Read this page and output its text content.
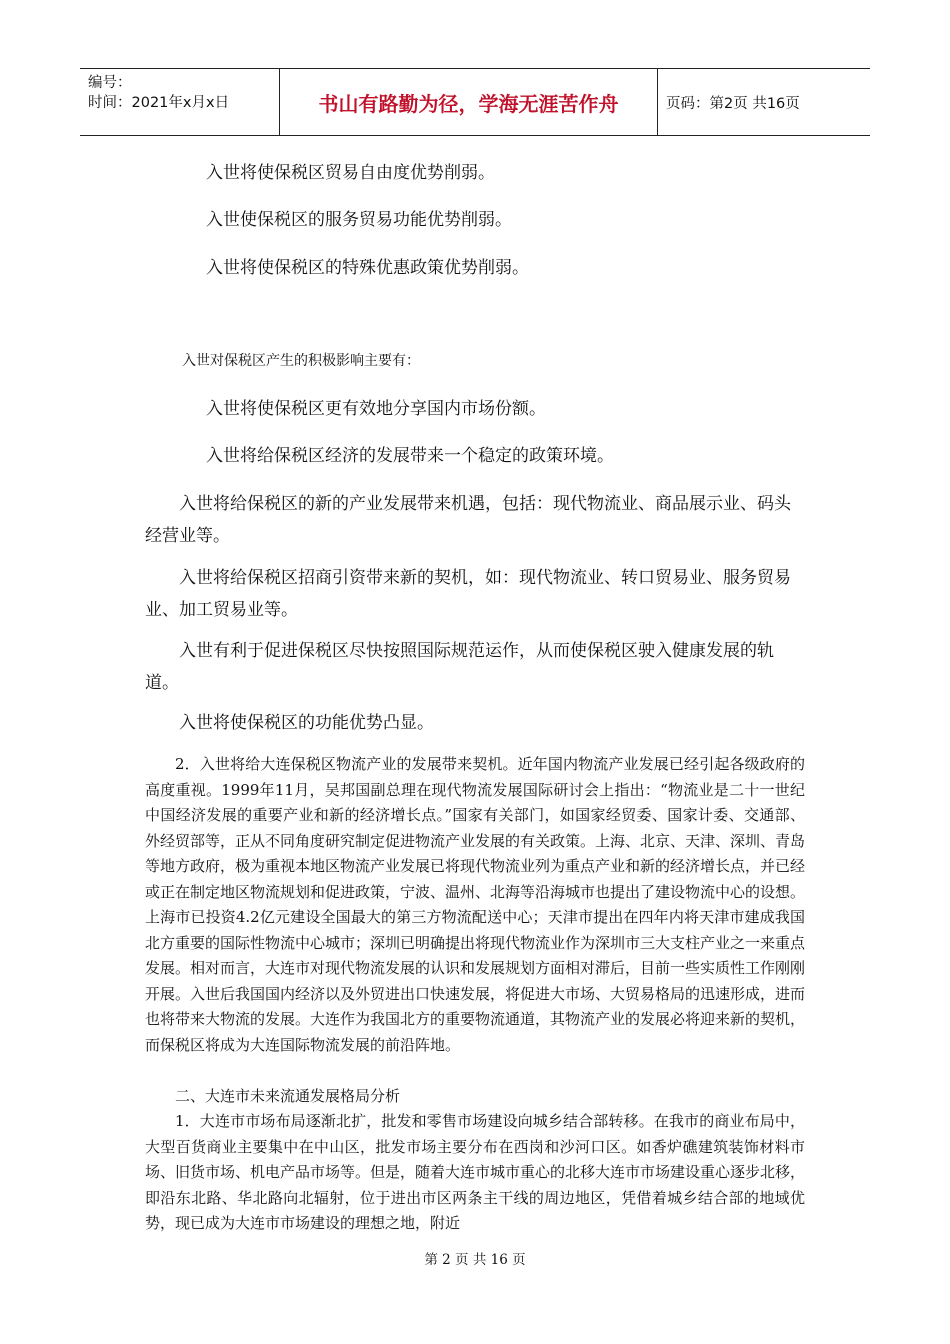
编号：
时间：2021年x月x日	书山有路勤为径，学海无涯苦作舟	页码：第2页 共16页

入世将使保税区贸易自由度优势削弱。

入世使保税区的服务贸易功能优势削弱。

入世将使保税区的特殊优惠政策优势削弱。

入世对保税区产生的积极影响主要有：

入世将使保税区更有效地分享国内市场份额。

入世将给保税区经济的发展带来一个稳定的政策环境。

入世将给保税区的新的产业发展带来机遇，包括：现代物流业、商品展示业、码头经营业等。

入世将给保税区招商引资带来新的契机，如：现代物流业、转口贸易业、服务贸易业、加工贸易业等。

入世有利于促进保税区尽快按照国际规范运作，从而使保税区驶入健康发展的轨道。

入世将使保税区的功能优势凸显。

2．入世将给大连保税区物流产业的发展带来契机。近年国内物流产业发展已经引起各级政府的高度重视。1999年11月，吴邦国副总理在现代物流发展国际研讨会上指出：“物流业是二十一世纪中国经济发展的重要产业和新的经济增长点。”国家有关部门，如国家经贸委、国家计委、交通部、外经贸部等，正从不同角度研究制定促进物流产业发展的有关政策。上海、北京、天津、深圳、青岛等地方政府，极为重视本地区物流产业发展已将现代物流业列为重点产业和新的经济增长点，并已经或正在制定地区物流规划和促进政策，宁波、温州、北海等沿海城市也提出了建设物流中心的设想。上海市已投资4.2亿元建设全国最大的第三方物流配送中心；天津市提出在四年内将天津市建成我国北方重要的国际性物流中心城市；深圳已明确提出将现代物流业作为深圳市三大支柱产业之一来重点发展。相对而言，大连市对现代物流发展的认识和发展规划方面相对滞后，目前一些实质性工作刚刚开展。入世后我国国内经济以及外贸进出口快速发展，将促进大市场、大贸易格局的迅速形成，进而也将带来大物流的发展。大连作为我国北方的重要物流通道，其物流产业的发展必将迎来新的契机，而保税区将成为大连国际物流发展的前沿阵地。

二、大连市未来流通发展格局分析

1．大连市市场布局逐渐北扩，批发和零售市场建设向城乡结合部转移。在我市的商业布局中，大型百货商业主要集中在中山区，批发市场主要分布在西岗和沙河口区。如香炉礁建筑装饰材料市场、旧货市场、机电产品市场等。但是，随着大连市城市重心的北移大连市市场建设重心逐步北移，即沿东北路、华北路向北辐射，位于进出市区两条主干线的周边地区，凭借着城乡结合部的地域优势，现已成为大连市市场建设的理想之地，附近

第 2 页 共 16 页
